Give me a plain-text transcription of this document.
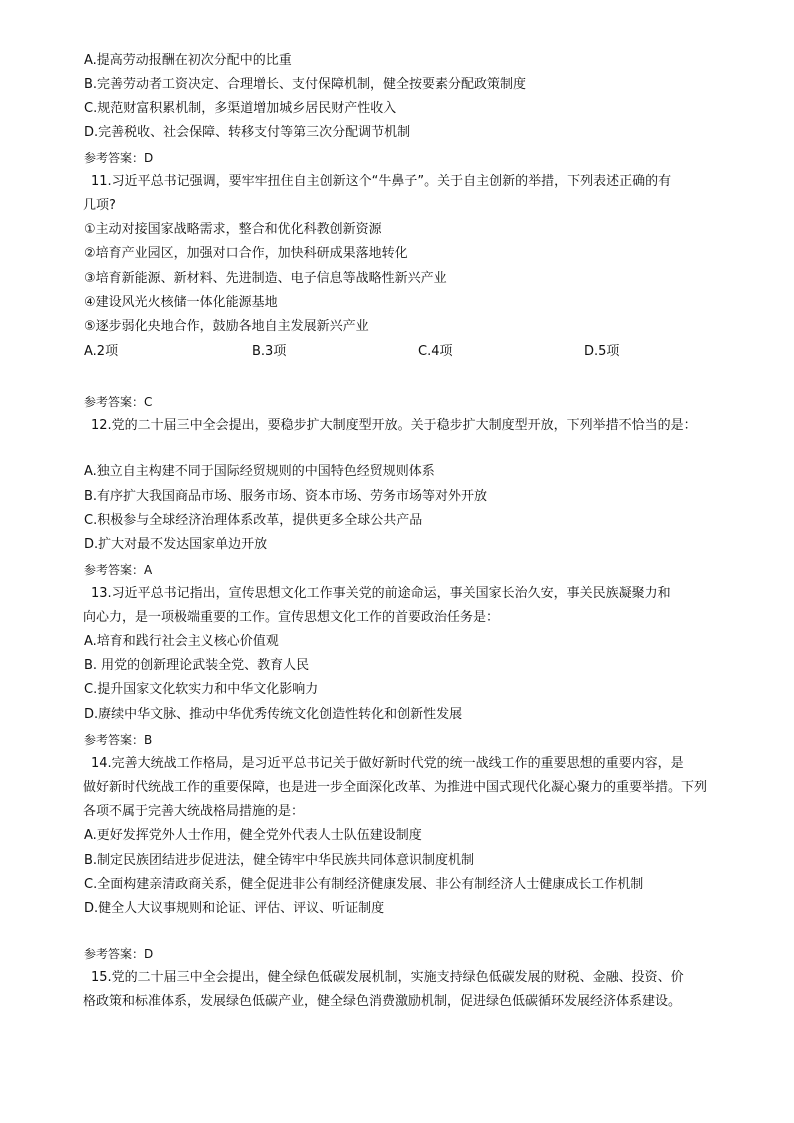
A.提高劳动报酬在初次分配中的比重

B.完善劳动者工资决定、合理增长、支付保障机制，健全按要素分配政策制度

C.规范财富积累机制，多渠道增加城乡居民财产性收入

D.完善税收、社会保障、转移支付等第三次分配调节机制

参考答案：D

11.习近平总书记强调，要牢牢扭住自主创新这个“牛鼻子”。关于自主创新的举措，下列表述正确的有

几项?

①主动对接国家战略需求，整合和优化科教创新资源

②培育产业园区，加强对口合作，加快科研成果落地转化

③培育新能源、新材料、先进制造、电子信息等战略性新兴产业

④建设风光火核储一体化能源基地

⑤逐步弱化央地合作，鼓励各地自主发展新兴产业

A.2项	B.3项	C.4项	D.5项

参考答案：C

12.党的二十届三中全会提出，要稳步扩大制度型开放。关于稳步扩大制度型开放，下列举措不恰当的是：

A.独立自主构建不同于国际经贸规则的中国特色经贸规则体系

B.有序扩大我国商品市场、服务市场、资本市场、劳务市场等对外开放

C.积极参与全球经济治理体系改革，提供更多全球公共产品

D.扩大对最不发达国家单边开放

参考答案：A

13.习近平总书记指出，宣传思想文化工作事关党的前途命运，事关国家长治久安，事关民族凝聚力和

向心力，是一项极端重要的工作。宣传思想文化工作的首要政治任务是：

A.培育和践行社会主义核心价值观

B. 用党的创新理论武装全党、教育人民

C.提升国家文化软实力和中华文化影响力

D.赓续中华文脉、推动中华优秀传统文化创造性转化和创新性发展

参考答案：B

14.完善大统战工作格局，是习近平总书记关于做好新时代党的统一战线工作的重要思想的重要内容，是

做好新时代统战工作的重要保障，也是进一步全面深化改革、为推进中国式现代化凝心聚力的重要举措。下列

各项不属于完善大统战格局措施的是：

A.更好发挥党外人士作用，健全党外代表人士队伍建设制度

B.制定民族团结进步促进法，健全铸牢中华民族共同体意识制度机制

C.全面构建亲清政商关系，健全促进非公有制经济健康发展、非公有制经济人士健康成长工作机制

D.健全人大议事规则和论证、评估、评议、听证制度

参考答案：D

15.党的二十届三中全会提出，健全绿色低碳发展机制，实施支持绿色低碳发展的财税、金融、投资、价

格政策和标准体系，发展绿色低碳产业，健全绿色消费激励机制，促进绿色低碳循环发展经济体系建设。
